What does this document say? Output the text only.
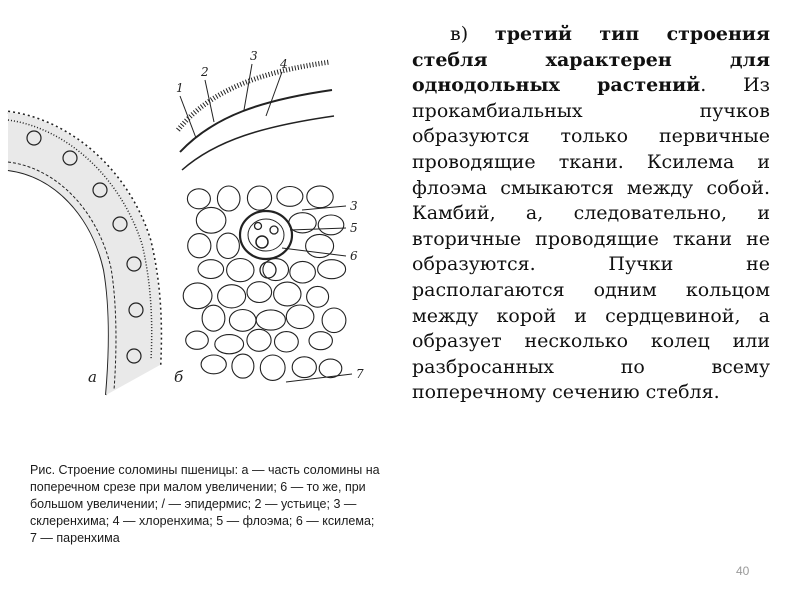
1
2
3
4
3
5
6
7
а	б
Рис. Строение соломины пшеницы: а — часть соломины на поперечном срезе при малом увеличении; 6 — то же, при большом увеличении; / — эпидермис; 2 — устьице; 3 — склеренхима; 4 — хлоренхима; 5 — флоэма; 6 — ксилема; 7 — паренхима
в) третий тип строения стебля характерен для однодольных растений. Из прокамбиальных пучков образуются только первичные проводящие ткани. Ксилема и флоэма смыкаются между собой. Камбий, а, следовательно, и вторичные проводящие ткани не образуются. Пучки не располагаются одним кольцом между корой и сердцевиной, а образует несколько колец или разбросанных по всему поперечному сечению стебля.
40
